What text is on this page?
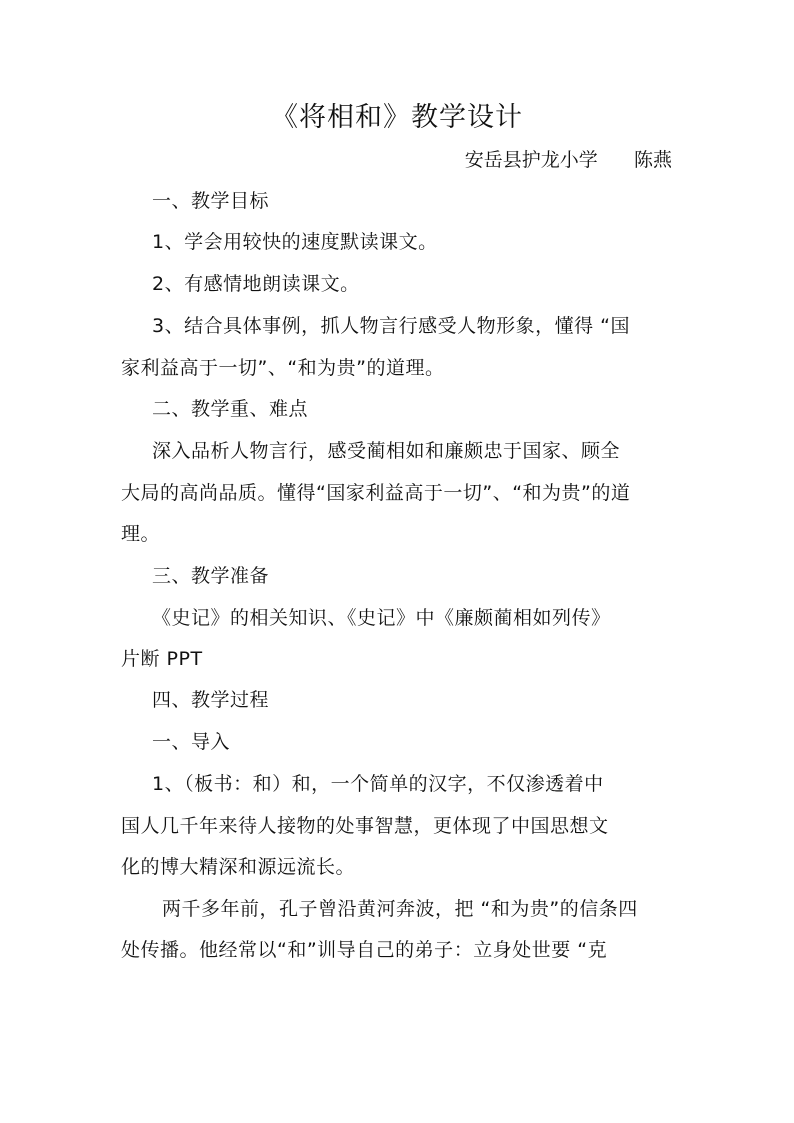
《将相和》教学设计
安岳县护龙小学      陈燕
一、教学目标
1、学会用较快的速度默读课文。
2、有感情地朗读课文。
3、结合具体事例，抓人物言行感受人物形象，懂得 “国
家利益高于一切”、“和为贵”的道理。
二、教学重、难点
深入品析人物言行，感受蔺相如和廉颇忠于国家、顾全
大局的高尚品质。懂得“国家利益高于一切”、“和为贵”的道
理。
三、教学准备
《史记》的相关知识、《史记》中《廉颇蔺相如列传》
片断 PPT
四、教学过程
一、导入
1、（板书：和）和，一个简单的汉字，不仅渗透着中
国人几千年来待人接物的处事智慧，更体现了中国思想文
化的博大精深和源远流长。
两千多年前，孔子曾沿黄河奔波，把 “和为贵”的信条四
处传播。他经常以“和”训导自己的弟子：立身处世要 “克
